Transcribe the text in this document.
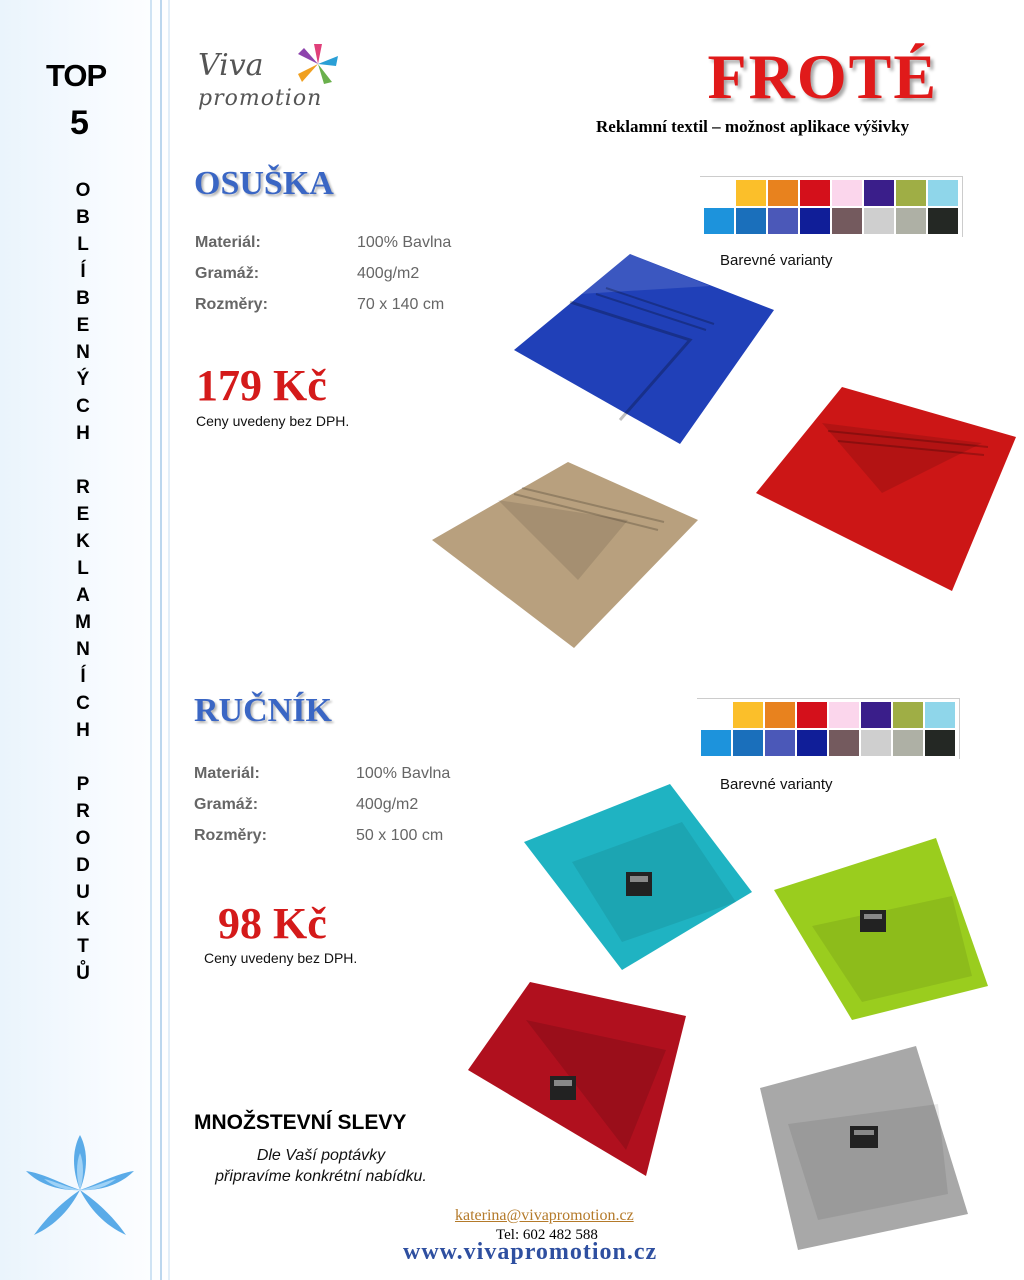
TOP
5
O
B
L
Í
B
E
N
Ý
C
H
R
E
K
L
A
M
N
Í
C
H
P
R
O
D
U
K
T
Ů
Viva
promotion	FROTÉ
Reklamní textil – možnost aplikace výšivky
OSUŠKA
Materiál:	100% Bavlna
Gramáž:	400g/m2
Rozměry:	70 x 140 cm
179 Kč
Ceny uvedeny bez DPH.
Barevné varianty
RUČNÍK
Materiál:	100% Bavlna
Gramáž:	400g/m2
Rozměry:	50 x 100 cm
98 Kč
Ceny uvedeny bez DPH.
Barevné varianty
MNOŽSTEVNÍ SLEVY
Dle Vaší poptávky
připravíme konkrétní nabídku.
katerina@vivapromotion.cz
Tel: 602 482 588
www.vivapromotion.cz
